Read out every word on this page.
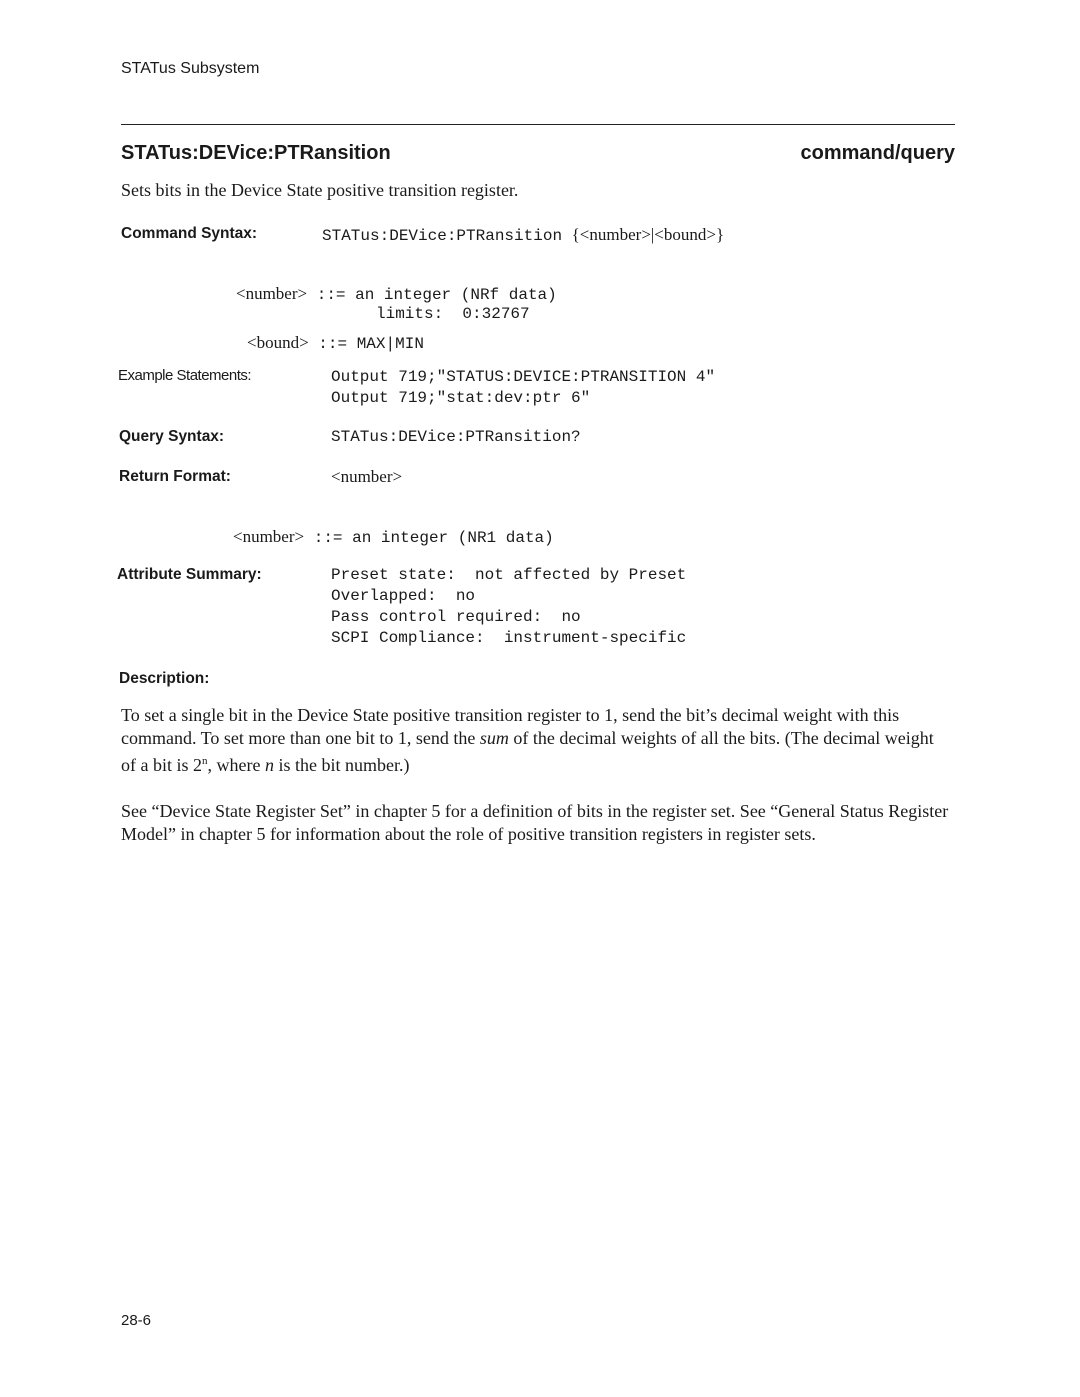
STATus Subsystem
STATus:DEVice:PTRansition	command/query
Sets bits in the Device State positive transition register.
Command Syntax:	STATus:DEVice:PTRansition {<number>|<bound>}
<number> ::= an integer (NRf data)
limits:  0:32767
<bound> ::= MAX|MIN
Example Statements:	Output 719;"STATUS:DEVICE:PTRANSITION 4"
Output 719;"stat:dev:ptr 6"
Query Syntax:	STATus:DEVice:PTRansition?
Return Format:	<number>
<number> ::= an integer (NR1 data)
Attribute Summary:	Preset state:  not affected by Preset
Overlapped:  no
Pass control required:  no
SCPI Compliance:  instrument-specific
Description:

To set a single bit in the Device State positive transition register to 1, send the bit’s decimal weight with this command. To set more than one bit to 1, send the sum of the decimal weights of all the bits. (The decimal weight of a bit is 2$^n$, where n is the bit number.)

See “Device State Register Set” in chapter 5 for a definition of bits in the register set. See “General Status Register Model” in chapter 5 for information about the role of positive transition registers in register sets.

28-6
